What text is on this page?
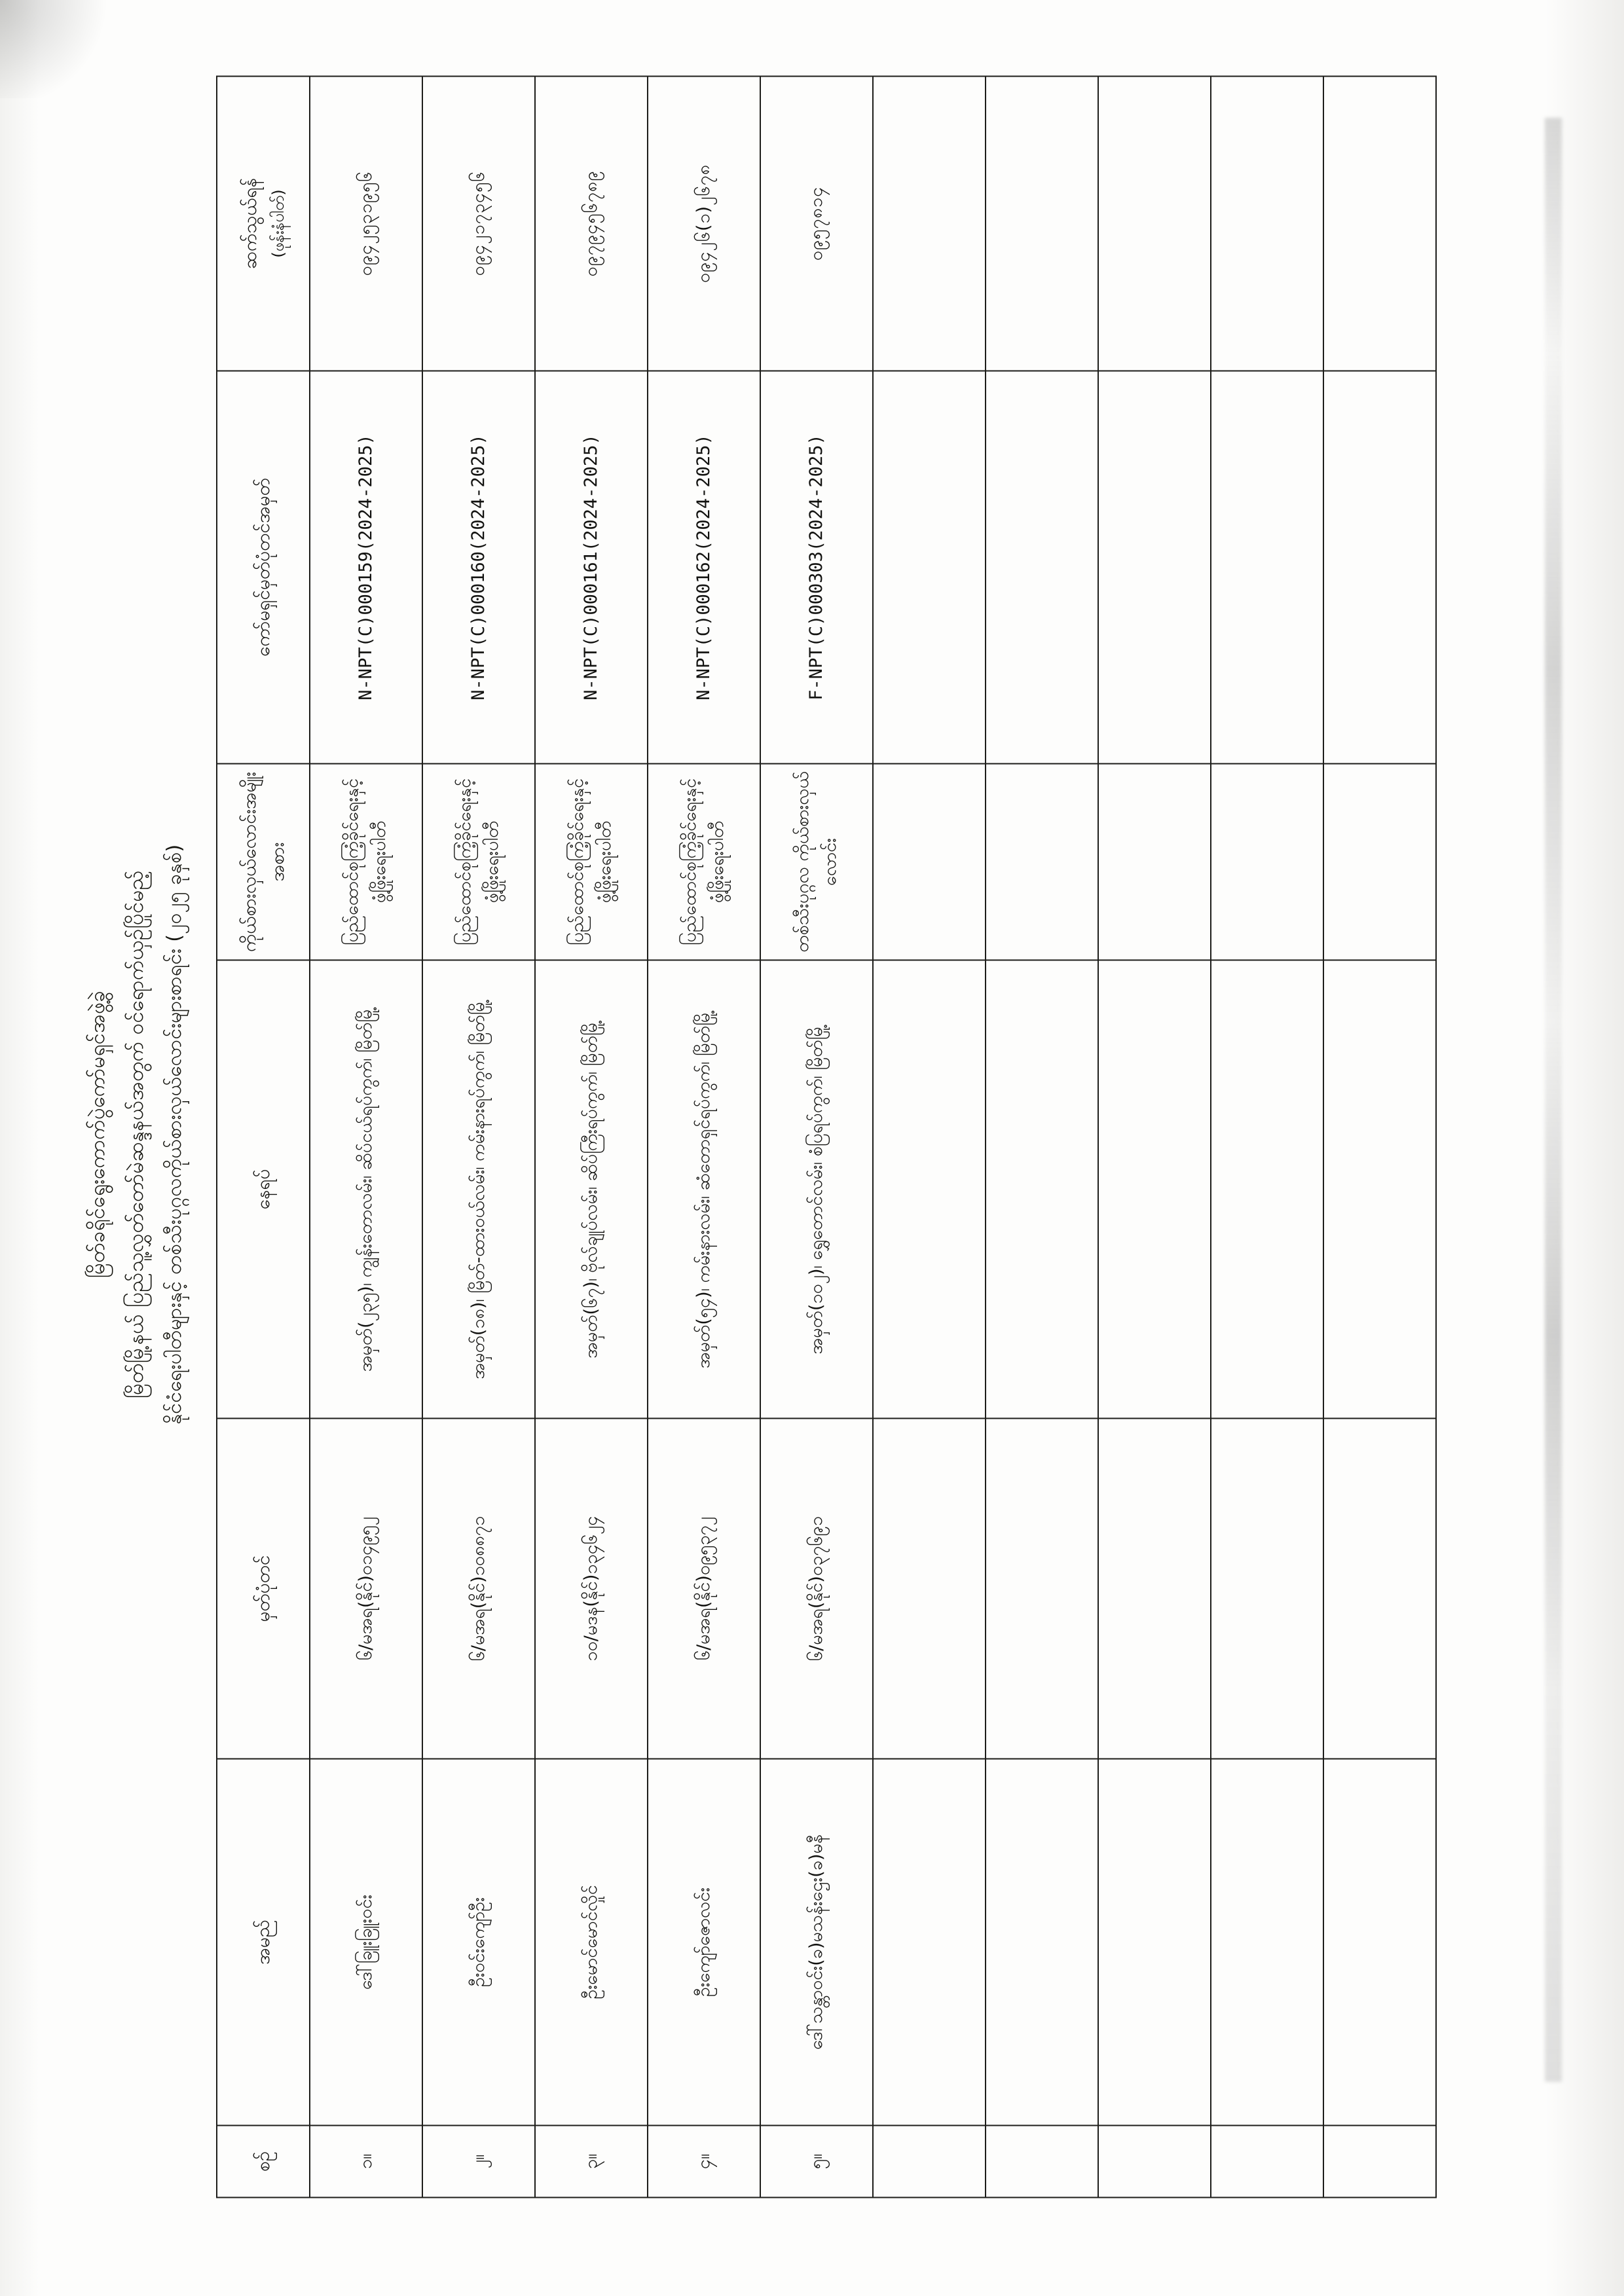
မြိတ်ခရိုင်ရွေးကောက်ပွဲကော်မရှင်အဖွဲ့ခွဲ မြိတ်မြို့နယ် ပြည်သူ့လွှတ်တော်မဲဆန္ဒနယ်အတွက် ဝင်ရောက်ယှဉ်ပြိုင်မည့် နိုင်ငံရေးပါတီများနှင့် တစ်သီးပုဂ္ဂလကိုယ်စားလှယ်လောင်းများစာရင်း (၂၀၂၅ ခုနှစ်)
စဉ်	အမည်	မှတ်ပုံတင်	နေရပ်	ကိုယ်စားလှယ်လောင်းအမျိုးအစား	ကော်မရှင်မှတ်ပုံတင်အမှတ်	ဆက်သွယ်ရန် (ဖုန်းနံပါတ်)

၁။	ဒေါ်ခြူးခြူးဝင်း	၆/မအရ(နိုင်)၀၁၄၉၅၂	အမှတ်(၂၃၅)၊ ကျွန်းတောလမ်း၊ ဆိပ်ငယ်ရပ်ကွက်၊ မြိတ်မြို့	ပြည်ထောင်စုကြံ့ခိုင်ရေးနှင့်ဖွံ့ဖြိုးရေးပါတီ	N-NPT(C)000159(2024-2025)	၀၉၄၂၅၃၁၉၅၆
၂။	ဦးဝင်းကျော်ဦး	၆/မအရ(နိုင်)၁၀၈၈၇၁	အမှတ်(၁၈)၊ မြိတ်-ထားဝယ်လမ်း၊ ကမ်းနားရပ်ကွက်၊ မြိတ်မြို့	ပြည်ထောင်စုကြံ့ခိုင်ရေးနှင့်ဖွံ့ဖြိုးရေးပါတီ	N-NPT(C)000160(2024-2025)	၀၉၄၂၁၇၃၄၅၆
၃။	ဦးမောင်မောင်လှိုင်	၁၀/မဒန(နိုင်)၁၃၄၆၂၄	အမှတ်(၆၇)၊ ဗိုလ်ချုပ်လမ်း၊ ဆိပ်ကြီးရပ်ကွက်၊ မြိတ်မြို့	ပြည်ထောင်စုကြံ့ခိုင်ရေးနှင့်ဖွံ့ဖြိုးရေးပါတီ	N-NPT(C)000161(2024-2025)	၀၉၇၉၄၅၆၇၈၉
၄။	ဦးကျော်ဇောလင်း	၆/မအရ(နိုင်)၀၉၅၃၇၂	အမှတ်(၅၄)၊ ကမ်းနားလမ်း၊ ဆံတောရှင်ရပ်ကွက်၊ မြိတ်မြို့	ပြည်ထောင်စုကြံ့ခိုင်ရေးနှင့်ဖွံ့ဖြိုးရေးပါတီ	N-NPT(C)000162(2024-2025)	၀၉၄၂၆(၁)၂၆၇၈
၅။	ဒေါ်သန္တာဝင်း(ခ)မသန်းဌေး(ခ)မနီ	၆/မအရ(နိုင်)၀၃၇၆၉၁	အမှတ်(၁၀၂)၊ ရွှေတောင်လမ်း၊ စံပြရပ်ကွက်၊ မြိတ်မြို့	တစ်သီးပုဂ္ဂလ ကိုယ်စားလှယ်လောင်း	F-NPT(C)000303(2024-2025)	၀၉၅၇၈၁၄
